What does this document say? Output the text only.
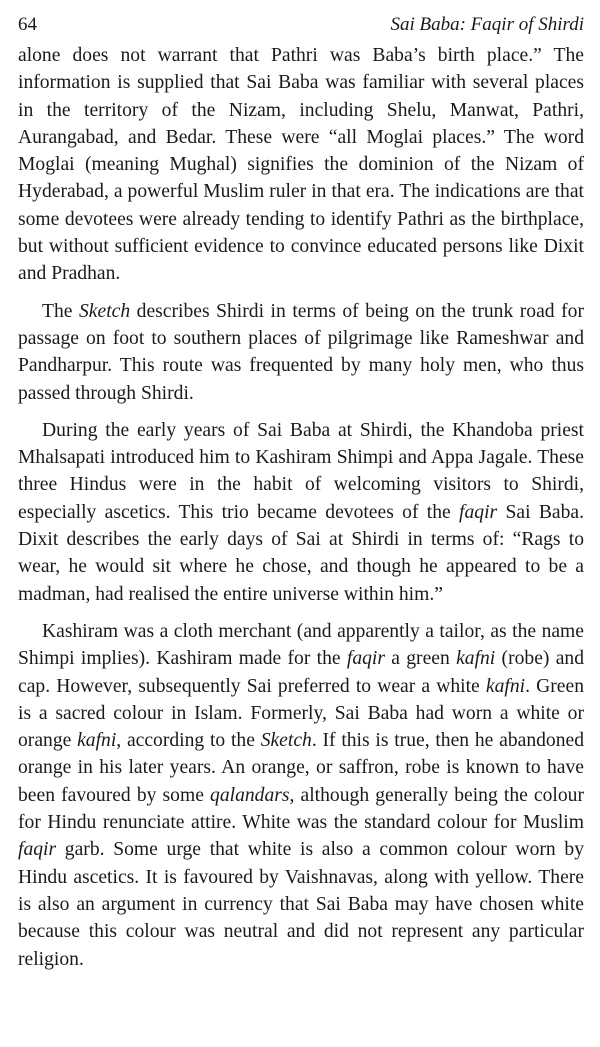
64	Sai Baba: Faqir of Shirdi

alone does not warrant that Pathri was Baba’s birth place.” The information is supplied that Sai Baba was familiar with several places in the territory of the Nizam, including Shelu, Manwat, Pathri, Aurangabad, and Bedar. These were “all Moglai places.” The word Moglai (meaning Mughal) signifies the dominion of the Nizam of Hyderabad, a powerful Muslim ruler in that era. The indications are that some devotees were already tending to identify Pathri as the birthplace, but without sufficient evidence to convince educated persons like Dixit and Pradhan.

The Sketch describes Shirdi in terms of being on the trunk road for passage on foot to southern places of pilgrimage like Rameshwar and Pandharpur. This route was frequented by many holy men, who thus passed through Shirdi.

During the early years of Sai Baba at Shirdi, the Khandoba priest Mhalsapati introduced him to Kashiram Shimpi and Appa Jagale. These three Hindus were in the habit of welcoming visitors to Shirdi, especially ascetics. This trio became devotees of the faqir Sai Baba. Dixit describes the early days of Sai at Shirdi in terms of: “Rags to wear, he would sit where he chose, and though he appeared to be a madman, had realised the entire universe within him.”

Kashiram was a cloth merchant (and apparently a tailor, as the name Shimpi implies). Kashiram made for the faqir a green kafni (robe) and cap. However, subsequently Sai preferred to wear a white kafni. Green is a sacred colour in Islam. Formerly, Sai Baba had worn a white or orange kafni, according to the Sketch. If this is true, then he abandoned orange in his later years. An orange, or saffron, robe is known to have been favoured by some qalandars, although generally being the colour for Hindu renunciate attire. White was the standard colour for Muslim faqir garb. Some urge that white is also a common colour worn by Hindu ascetics. It is favoured by Vaishnavas, along with yellow. There is also an argument in currency that Sai Baba may have chosen white because this colour was neutral and did not represent any particular religion.
